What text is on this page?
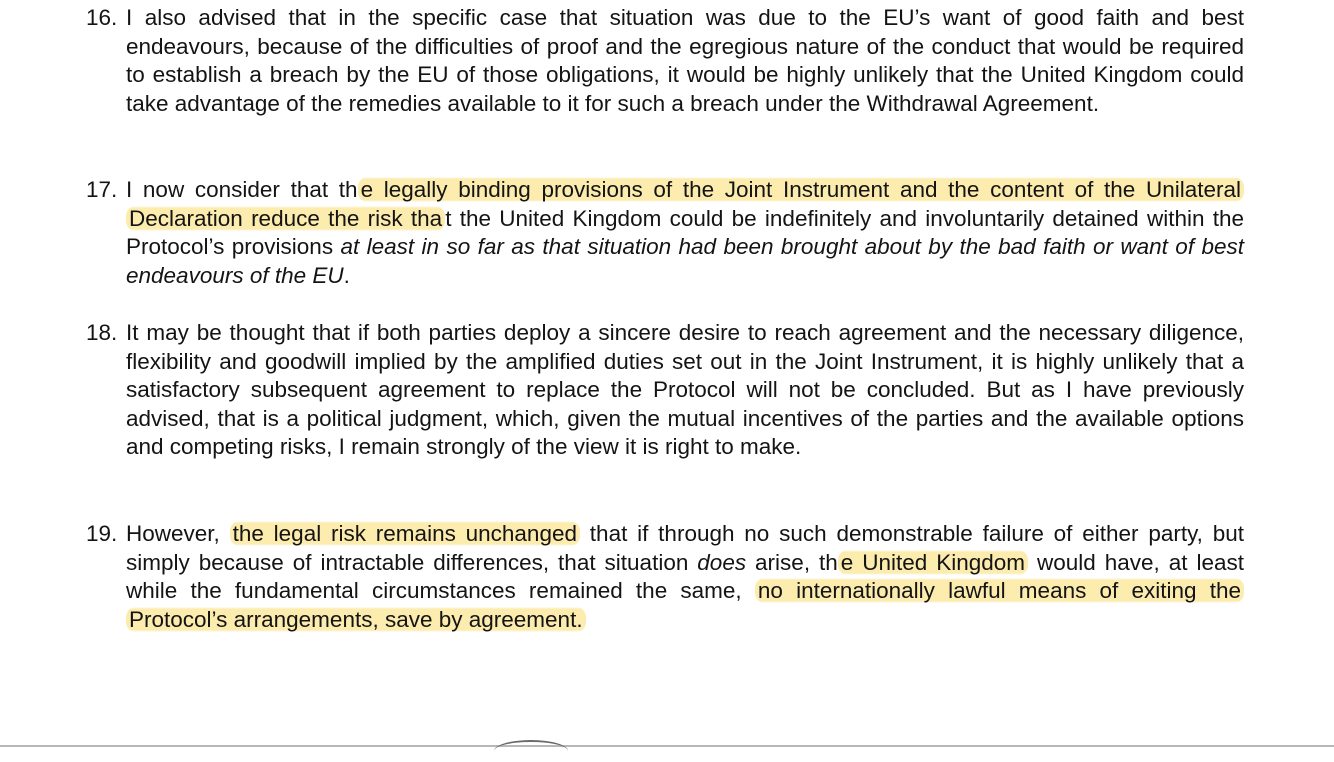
16. I also advised that in the specific case that situation was due to the EU’s want of good faith and best endeavours, because of the difficulties of proof and the egregious nature of the conduct that would be required to establish a breach by the EU of those obligations, it would be highly unlikely that the United Kingdom could take advantage of the remedies available to it for such a breach under the Withdrawal Agreement.
17. I now consider that th e legally binding provisions of the Joint Instrument and the content of the Unilateral Declaration reduce the risk tha t the United Kingdom could be indefinitely and involuntarily detained within the Protocol’s provisions at least in so far as that situation had been brought about by the bad faith or want of best endeavours of the EU.
18. It may be thought that if both parties deploy a sincere desire to reach agreement and the necessary diligence, flexibility and goodwill implied by the amplified duties set out in the Joint Instrument, it is highly unlikely that a satisfactory subsequent agreement to replace the Protocol will not be concluded. But as I have previously advised, that is a political judgment, which, given the mutual incentives of the parties and the available options and competing risks, I remain strongly of the view it is right to make.
19. However, the legal risk remains unchanged that if through no such demonstrable failure of either party, but simply because of intractable differences, that situation does arise, th e United Kingdom would have, at least while the fundamental circumstances remained the same, no internationally lawful means of exiting the Protocol’s arrangements, save by agreement.
